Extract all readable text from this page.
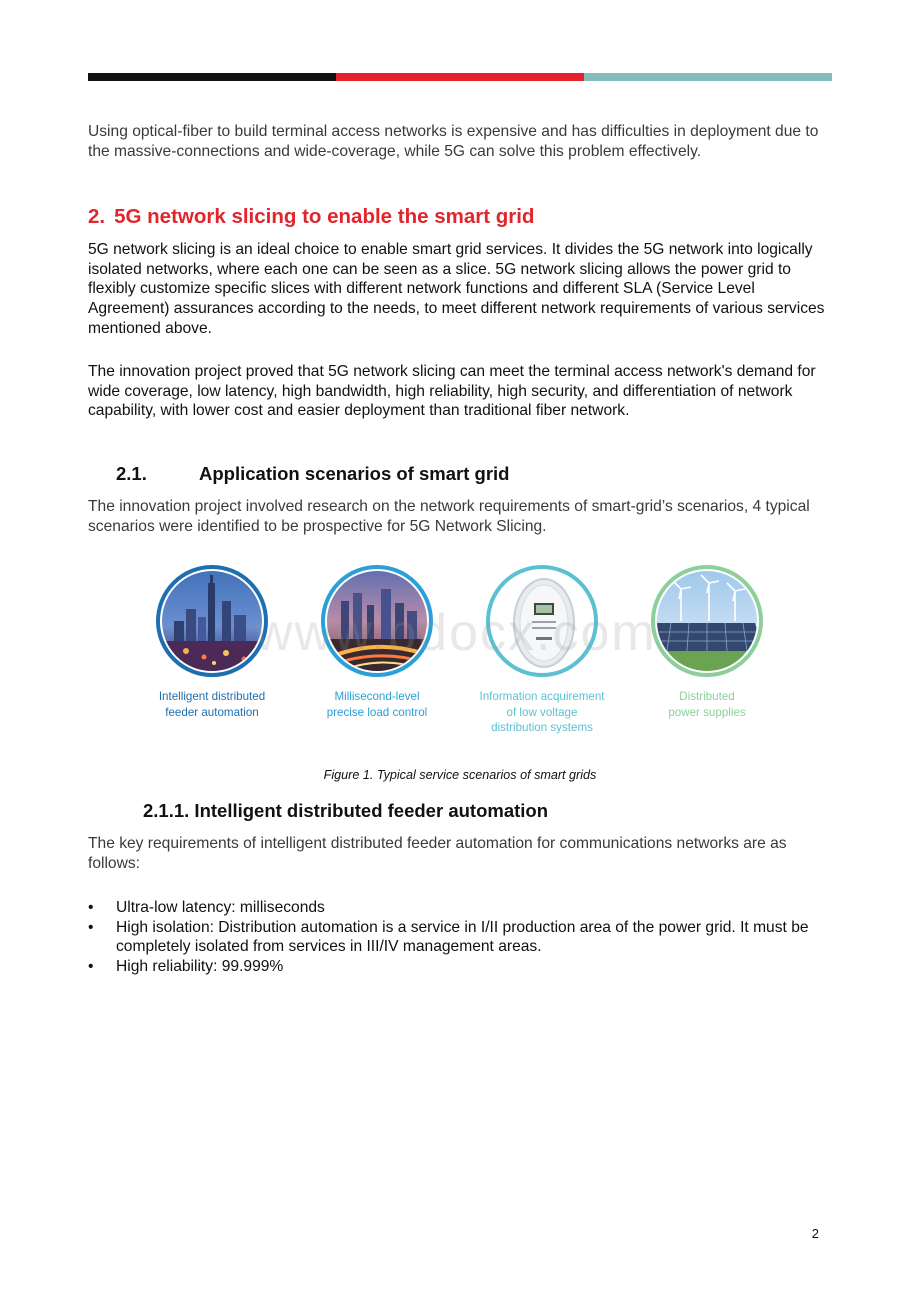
Using optical-fiber to build terminal access networks is expensive and has difficulties in deployment due to the massive-connections and wide-coverage, while 5G can solve this problem effectively.

2. 5G network slicing to enable the smart grid

5G network slicing is an ideal choice to enable smart grid services. It divides the 5G network into logically isolated networks, where each one can be seen as a slice. 5G network slicing allows the power grid to flexibly customize specific slices with different network functions and different SLA (Service Level Agreement) assurances according to the needs, to meet different network requirements of various services mentioned above.

The innovation project proved that 5G network slicing can meet the terminal access network's demand for wide coverage, low latency, high bandwidth, high reliability, high security, and differentiation of network capability, with lower cost and easier deployment than traditional fiber network.

2.1.	Application scenarios of smart grid

The innovation project involved research on the network requirements of smart-grid’s scenarios, 4 typical scenarios were identified to be prospective for 5G Network Slicing.

Intelligent distributed
feeder automation
Millisecond-level
precise load control
Information acquirement
of low voltage
distribution systems
Distributed
power supplies
www.bdocx.com

Figure 1. Typical service scenarios of smart grids

2.1.1. Intelligent distributed feeder automation

The key requirements of intelligent distributed feeder automation for communications networks are as follows:

• Ultra-low latency: milliseconds
• High isolation: Distribution automation is a service in I/II production area of the power grid. It must be completely isolated from services in III/IV management areas.
• High reliability: 99.999%

2
